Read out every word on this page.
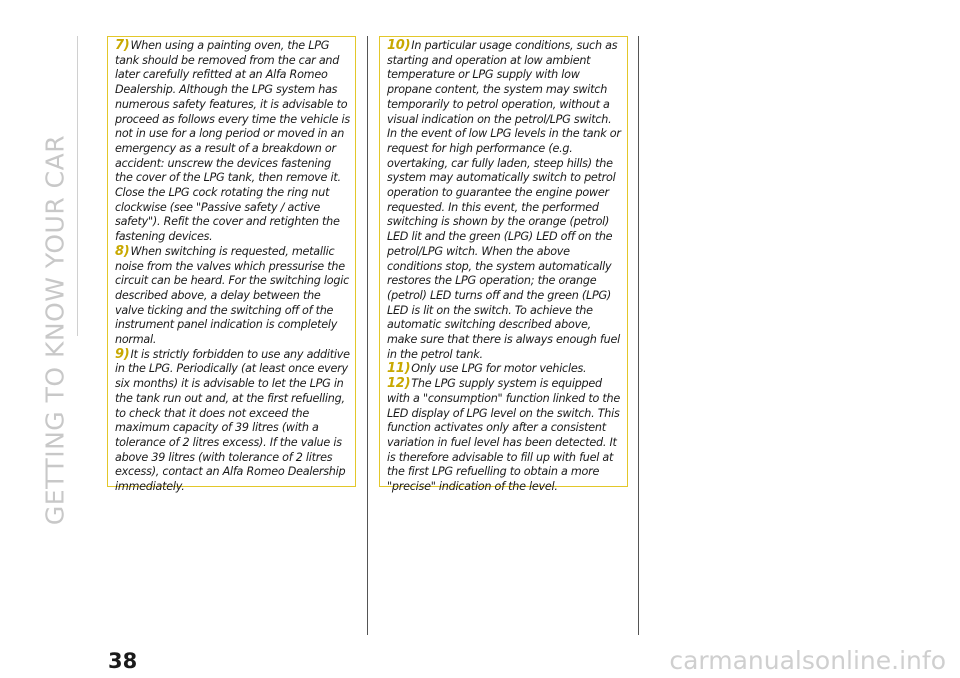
GETTING TO KNOW YOUR CAR

7)When using a painting oven, the LPG tank should be removed from the car and later carefully refitted at an Alfa Romeo Dealership. Although the LPG system has numerous safety features, it is advisable to proceed as follows every time the vehicle is not in use for a long period or moved in an emergency as a result of a breakdown or accident: unscrew the devices fastening the cover of the LPG tank, then remove it. Close the LPG cock rotating the ring nut clockwise (see "Passive safety / active safety"). Refit the cover and retighten the fastening devices.

8)When switching is requested, metallic noise from the valves which pressurise the circuit can be heard. For the switching logic described above, a delay between the valve ticking and the switching off of the instrument panel indication is completely normal.

9)It is strictly forbidden to use any additive in the LPG. Periodically (at least once every six months) it is advisable to let the LPG in the tank run out and, at the first refuelling, to check that it does not exceed the maximum capacity of 39 litres (with a tolerance of 2 litres excess). If the value is above 39 litres (with tolerance of 2 litres excess), contact an Alfa Romeo Dealership immediately.

10)In particular usage conditions, such as starting and operation at low ambient temperature or LPG supply with low propane content, the system may switch temporarily to petrol operation, without a visual indication on the petrol/LPG switch. In the event of low LPG levels in the tank or request for high performance (e.g. overtaking, car fully laden, steep hills) the system may automatically switch to petrol operation to guarantee the engine power requested. In this event, the performed switching is shown by the orange (petrol) LED lit and the green (LPG) LED off on the petrol/LPG witch. When the above conditions stop, the system automatically restores the LPG operation; the orange (petrol) LED turns off and the green (LPG) LED is lit on the switch. To achieve the automatic switching described above, make sure that there is always enough fuel in the petrol tank.

11)Only use LPG for motor vehicles.

12)The LPG supply system is equipped with a "consumption" function linked to the LED display of LPG level on the switch. This function activates only after a consistent variation in fuel level has been detected. It is therefore advisable to fill up with fuel at the first LPG refuelling to obtain a more "precise" indication of the level.

38	carmanualsonline.info
